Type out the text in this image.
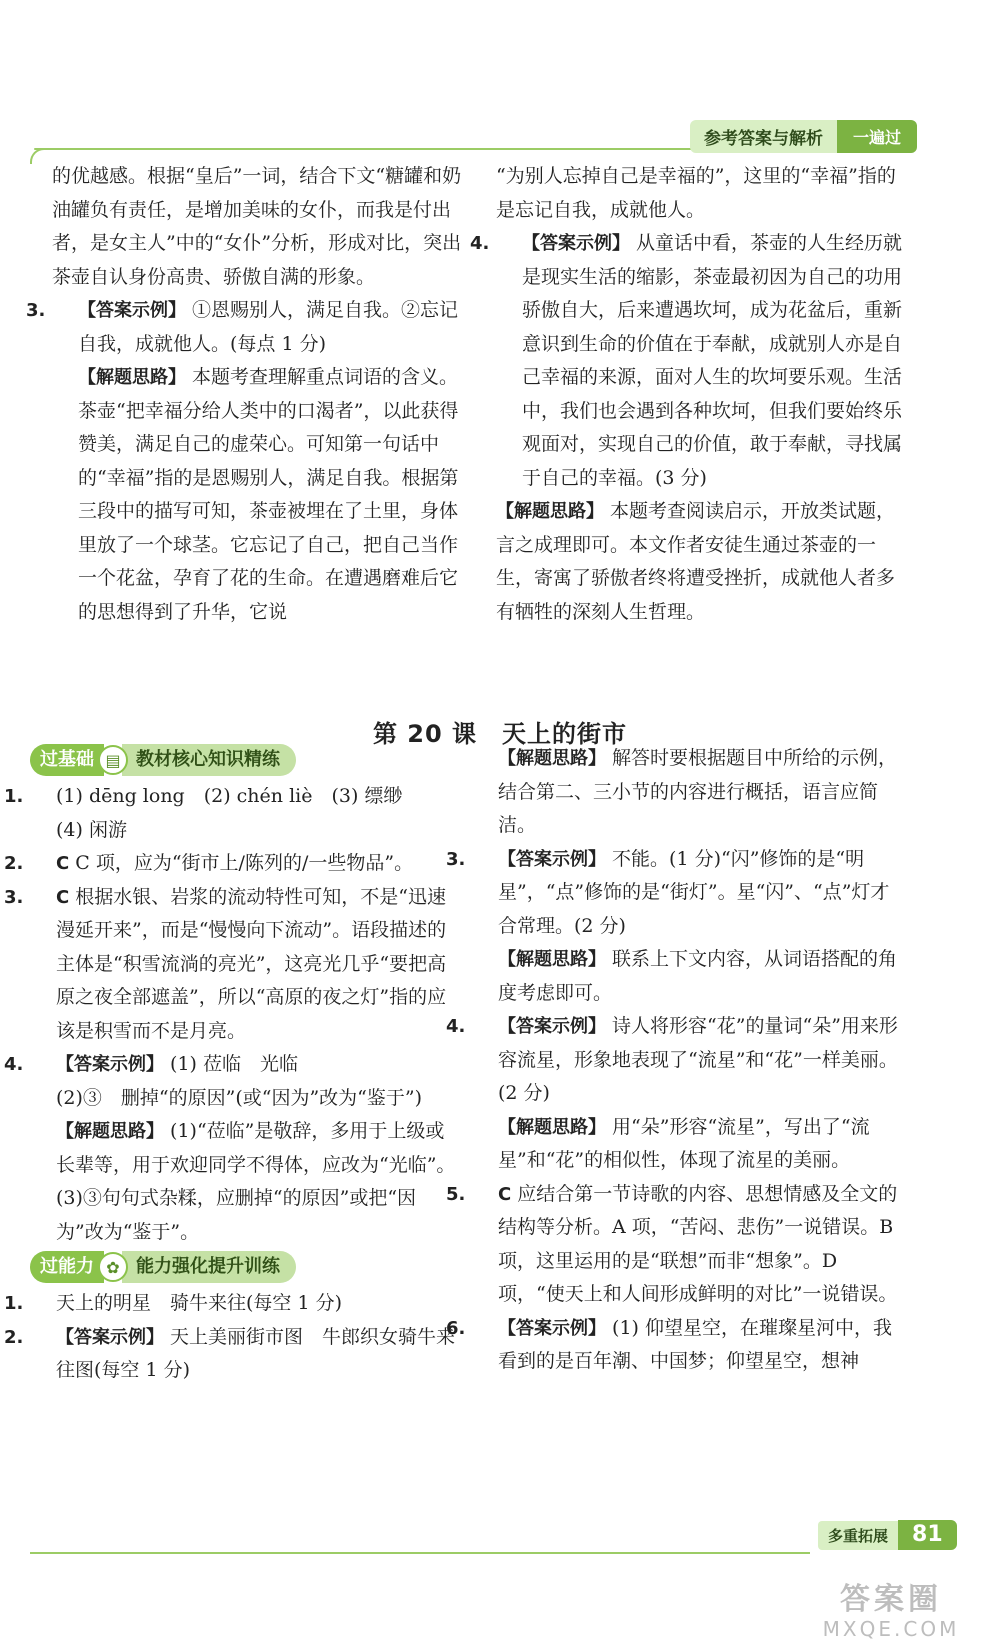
参考答案与解析	一遍过

的优越感。根据“皇后”一词，结合下文“糖罐和奶油罐负有责任，是增加美味的女仆，而我是付出者，是女主人”中的“女仆”分析，形成对比，突出茶壶自认身份高贵、骄傲自满的形象。

3. 【答案示例】 ①恩赐别人，满足自我。②忘记自我，成就他人。(每点 1 分)

【解题思路】 本题考查理解重点词语的含义。茶壶“把幸福分给人类中的口渴者”，以此获得赞美，满足自己的虚荣心。可知第一句话中的“幸福”指的是恩赐别人，满足自我。根据第三段中的描写可知，茶壶被埋在了土里，身体里放了一个球茎。它忘记了自己，把自己当作一个花盆，孕育了花的生命。在遭遇磨难后它的思想得到了升华，它说

“为别人忘掉自己是幸福的”，这里的“幸福”指的是忘记自我，成就他人。

4. 【答案示例】 从童话中看，茶壶的人生经历就是现实生活的缩影，茶壶最初因为自己的功用骄傲自大，后来遭遇坎坷，成为花盆后，重新意识到生命的价值在于奉献，成就别人亦是自己幸福的来源，面对人生的坎坷要乐观。生活中，我们也会遇到各种坎坷，但我们要始终乐观面对，实现自己的价值，敢于奉献，寻找属于自己的幸福。(3 分)

【解题思路】 本题考查阅读启示，开放类试题，言之成理即可。本文作者安徒生通过茶壶的一生，寄寓了骄傲者终将遭受挫折，成就他人者多有牺牲的深刻人生哲理。

第 20 课　天上的街市
过基础 ▤ 教材核心知识精练

1. (1) dēng long　(2) chén liè　(3) 缥缈

(4) 闲游

2. C C 项，应为“街市上/陈列的/一些物品”。

3. C 根据水银、岩浆的流动特性可知，不是“迅速漫延开来”，而是“慢慢向下流动”。语段描述的主体是“积雪流淌的亮光”，这亮光几乎“要把高原之夜全部遮盖”，所以“高原的夜之灯”指的应该是积雪而不是月亮。

4. 【答案示例】 (1) 莅临　光临

(2)③　删掉“的原因”(或“因为”改为“鉴于”)

【解题思路】 (1)“莅临”是敬辞，多用于上级或长辈等，用于欢迎同学不得体，应改为“光临”。(3)③句句式杂糅，应删掉“的原因”或把“因为”改为“鉴于”。

过能力 ✿ 能力强化提升训练

1. 天上的明星　骑牛来往(每空 1 分)

2. 【答案示例】 天上美丽街市图　牛郎织女骑牛来往图(每空 1 分)

【解题思路】 解答时要根据题目中所给的示例，结合第二、三小节的内容进行概括，语言应简洁。

3. 【答案示例】 不能。(1 分)“闪”修饰的是“明星”，“点”修饰的是“街灯”。星“闪”、“点”灯才合常理。(2 分)

【解题思路】 联系上下文内容，从词语搭配的角度考虑即可。

4. 【答案示例】 诗人将形容“花”的量词“朵”用来形容流星，形象地表现了“流星”和“花”一样美丽。(2 分)

【解题思路】 用“朵”形容“流星”，写出了“流星”和“花”的相似性，体现了流星的美丽。

5. C 应结合第一节诗歌的内容、思想情感及全文的结构等分析。A 项，“苦闷、悲伤”一说错误。B 项，这里运用的是“联想”而非“想象”。D 项，“使天上和人间形成鲜明的对比”一说错误。

6. 【答案示例】 (1) 仰望星空，在璀璨星河中，我看到的是百年潮、中国梦；仰望星空，想神

多重拓展	81
答案圈
MXQE.COM
